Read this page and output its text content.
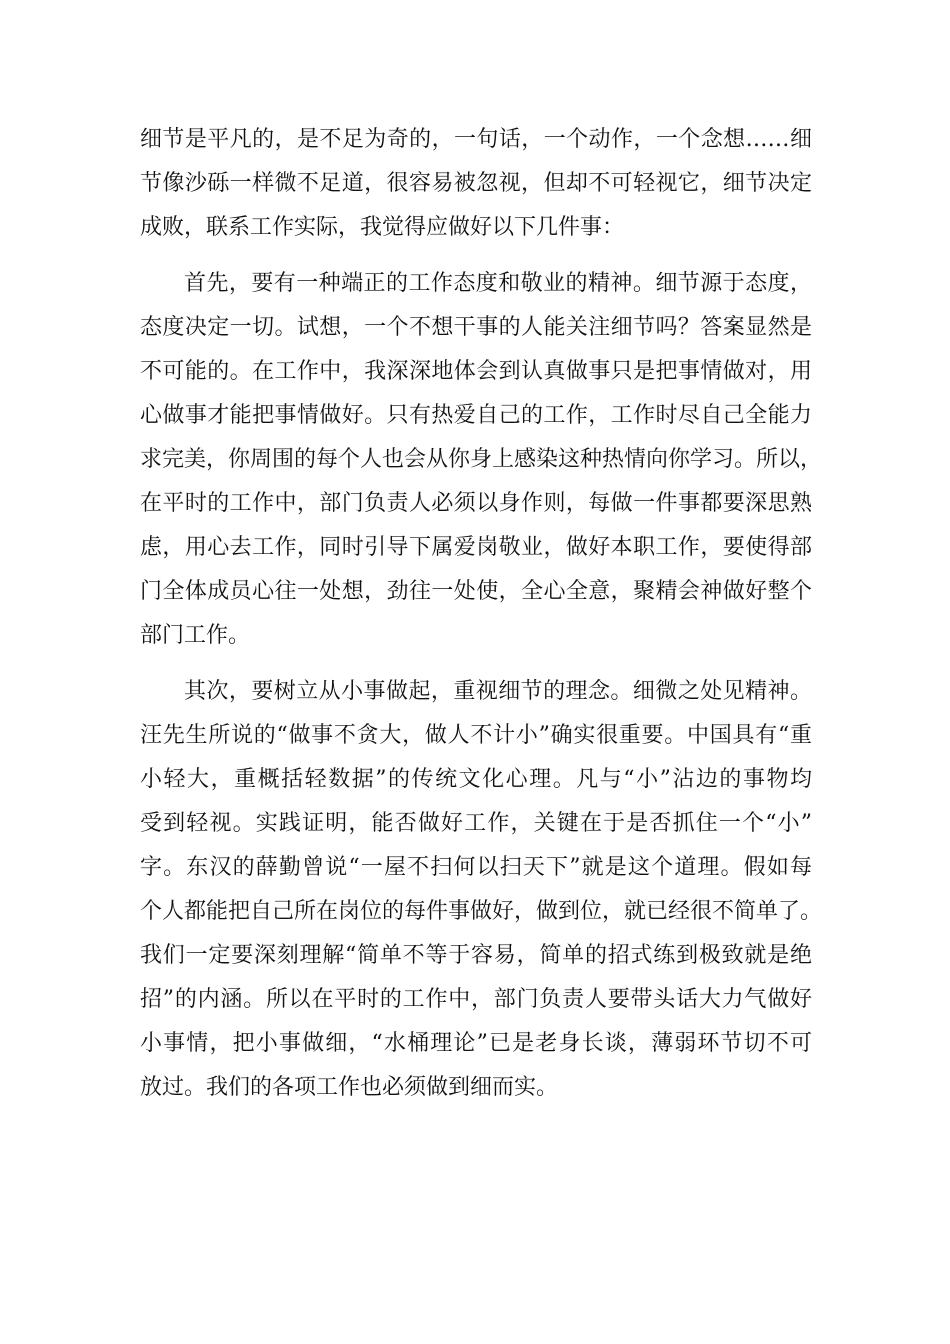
细节是平凡的，是不足为奇的，一句话，一个动作，一个念想……细
节像沙砾一样微不足道，很容易被忽视，但却不可轻视它，细节决定
成败，联系工作实际，我觉得应做好以下几件事：
首先，要有一种端正的工作态度和敬业的精神。细节源于态度，
态度决定一切。试想，一个不想干事的人能关注细节吗？答案显然是
不可能的。在工作中，我深深地体会到认真做事只是把事情做对，用
心做事才能把事情做好。只有热爱自己的工作，工作时尽自己全能力
求完美，你周围的每个人也会从你身上感染这种热情向你学习。所以，
在平时的工作中，部门负责人必须以身作则，每做一件事都要深思熟
虑，用心去工作，同时引导下属爱岗敬业，做好本职工作，要使得部
门全体成员心往一处想，劲往一处使，全心全意，聚精会神做好整个
部门工作。
其次，要树立从小事做起，重视细节的理念。细微之处见精神。
汪先生所说的“做事不贪大，做人不计小”确实很重要。中国具有“重
小轻大，重概括轻数据”的传统文化心理。凡与“小”沾边的事物均
受到轻视。实践证明，能否做好工作，关键在于是否抓住一个“小”
字。东汉的薛勤曾说“一屋不扫何以扫天下”就是这个道理。假如每
个人都能把自己所在岗位的每件事做好，做到位，就已经很不简单了。
我们一定要深刻理解“简单不等于容易，简单的招式练到极致就是绝
招”的内涵。所以在平时的工作中，部门负责人要带头话大力气做好
小事情，把小事做细，“水桶理论”已是老身长谈，薄弱环节切不可
放过。我们的各项工作也必须做到细而实。
